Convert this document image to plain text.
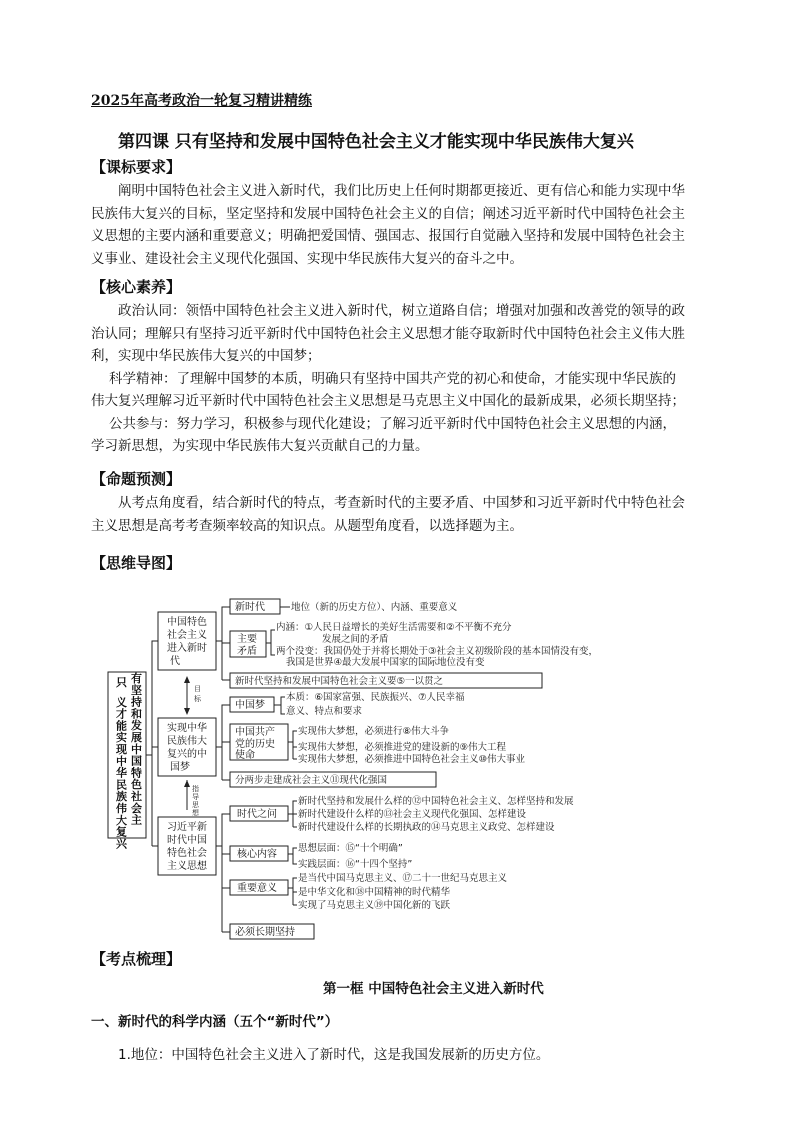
2025年高考政治一轮复习精讲精练
第四课 只有坚持和发展中国特色社会主义才能实现中华民族伟大复兴
【课标要求】
阐明中国特色社会主义进入新时代，我们比历史上任何时期都更接近、更有信心和能力实现中华
民族伟大复兴的目标，坚定坚持和发展中国特色社会主义的自信；阐述习近平新时代中国特色社会主
义思想的主要内涵和重要意义；明确把爱国情、强国志、报国行自觉融入坚持和发展中国特色社会主
义事业、建设社会主义现代化强国、实现中华民族伟大复兴的奋斗之中。
【核心素养】
政治认同：领悟中国特色社会主义进入新时代，树立道路自信；增强对加强和改善党的领导的政
治认同；理解只有坚持习近平新时代中国特色社会主义思想才能夺取新时代中国特色社会主义伟大胜
利，实现中华民族伟大复兴的中国梦；
科学精神：了理解中国梦的本质，明确只有坚持中国共产党的初心和使命，才能实现中华民族的
伟大复兴理解习近平新时代中国特色社会主义思想是马克思主义中国化的最新成果，必须长期坚持；
公共参与：努力学习，积极参与现代化建设；了解习近平新时代中国特色社会主义思想的内涵，
学习新思想，为实现中华民族伟大复兴贡献自己的力量。
【命题预测】
从考点角度看，结合新时代的特点，考查新时代的主要矛盾、中国梦和习近平新时代中特色社会
主义思想是高考考查频率较高的知识点。从题型角度看，以选择题为主。
【思维导图】
只 有
坚
持
和
发
展
中
国
特
色
社
会
主
义
才
能
实
现
中
华
民
族
伟
大
复
兴
中国特色
社会主义
进入新时
代
实现中华
民族伟大
复兴的中
国梦
习近平新
时代中国
特色社会
主义思想
目
标
指
导
思
想
新时代	地位（新的历史方位）、内涵、重要意义
主要
矛盾
内涵：①人民日益增长的美好生活需要和②不平衡不充分
发展之间的矛盾
两个没变：我国仍处于并将长期处于③社会主义初级阶段的基本国情没有变，
我国是世界④最大发展中国家的国际地位没有变
新时代坚持和发展中国特色社会主义要⑤一以贯之
中国梦
本质：⑥国家富强、民族振兴、⑦人民幸福
意义、特点和要求
中国共产
党的历史
使命
实现伟大梦想，必须进行⑧伟大斗争
实现伟大梦想，必须推进党的建设新的⑨伟大工程
实现伟大梦想，必须推进中国特色社会主义⑩伟大事业
分两步走建成社会主义⑪现代化强国
时代之问
新时代坚持和发展什么样的⑫中国特色社会主义、怎样坚持和发展
新时代建设什么样的⑬社会主义现代化强国、怎样建设
新时代建设什么样的长期执政的⑭马克思主义政党、怎样建设
核心内容
思想层面：⑮“十个明确”
实践层面：⑯“十四个坚持”
重要意义
是当代中国马克思主义、⑰二十一世纪马克思主义
是中华文化和⑱中国精神的时代精华
实现了马克思主义⑲中国化新的飞跃
必须长期坚持
【考点梳理】
第一框 中国特色社会主义进入新时代
一、新时代的科学内涵（五个“新时代”）
1.地位：中国特色社会主义进入了新时代，这是我国发展新的历史方位。
